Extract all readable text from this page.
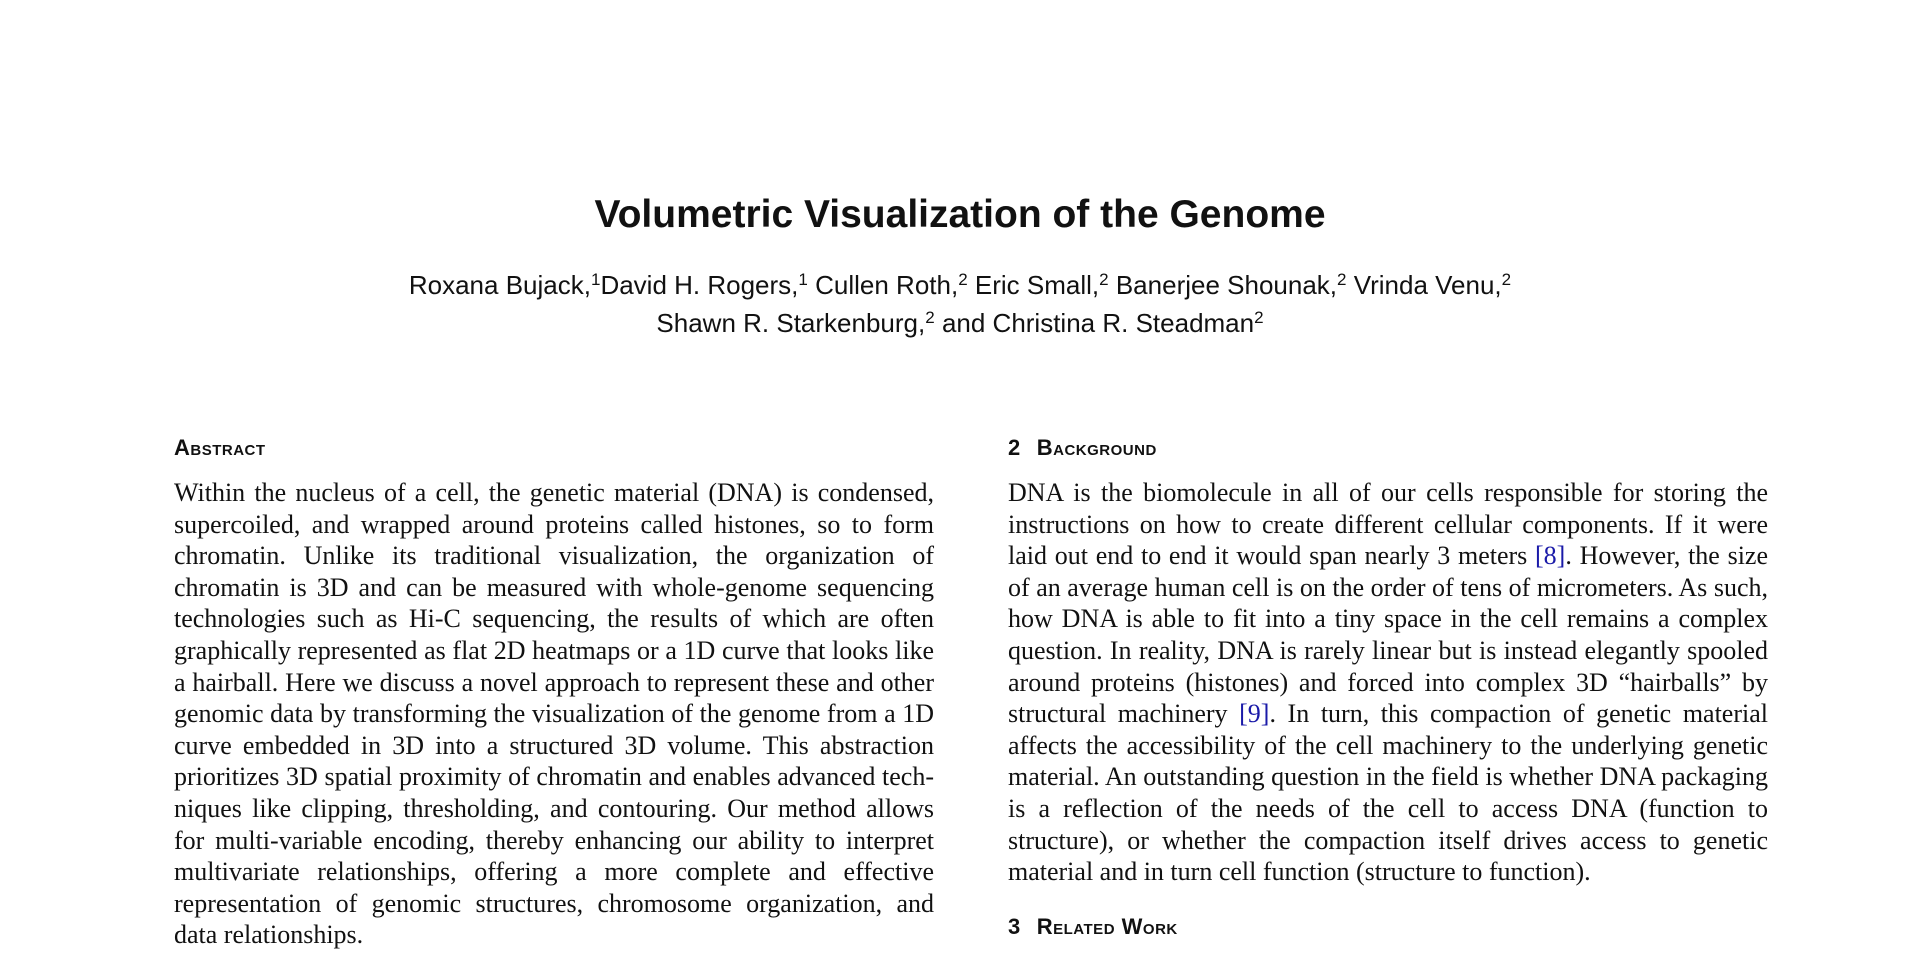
Volumetric Visualization of the Genome
Roxana Bujack,$^1$David H. Rogers,$^1$ Cullen Roth,$^2$ Eric Small,$^2$ Banerjee Shounak,$^2$ Vrinda Venu,$^2$
Shawn R. Starkenburg,$^2$ and Christina R. Steadman$^2$
Abstract

Within the nucleus of a cell, the genetic material (DNA) is condensed, supercoiled, and wrapped around proteins called histones, so to form chromatin. Unlike its traditional visualization, the organization of chromatin is 3D and can be measured with whole-genome sequencing technologies such as Hi-C sequencing, the results of which are often graphically represented as flat 2D heatmaps or a 1D curve that looks like a hairball. Here we discuss a novel approach to represent these and other genomic data by transforming the visualization of the genome from a 1D curve embedded in 3D into a structured 3D volume. This abstraction prioritizes 3D spatial proximity of chromatin and enables advanced techniques like clipping, thresholding, and contouring. Our method allows for multi-variable encoding, thereby enhancing our ability to interpret multivariate relationships, offering a more complete and effective representation of genomic structures, chromosome organization, and data relationships.

2 Background

DNA is the biomolecule in all of our cells responsible for storing the instructions on how to create different cellular components. If it were laid out end to end it would span nearly 3 meters [8]. However, the size of an average human cell is on the order of tens of micrometers. As such, how DNA is able to fit into a tiny space in the cell remains a complex question. In reality, DNA is rarely linear but is instead elegantly spooled around proteins (histones) and forced into complex 3D “hairballs” by structural machinery [9]. In turn, this compaction of genetic material affects the accessibility of the cell machinery to the underlying genetic material. An outstanding question in the field is whether DNA packaging is a reflection of the needs of the cell to access DNA (function to structure), or whether the compaction itself drives access to genetic material and in turn cell function (structure to function).

3 Related Work
